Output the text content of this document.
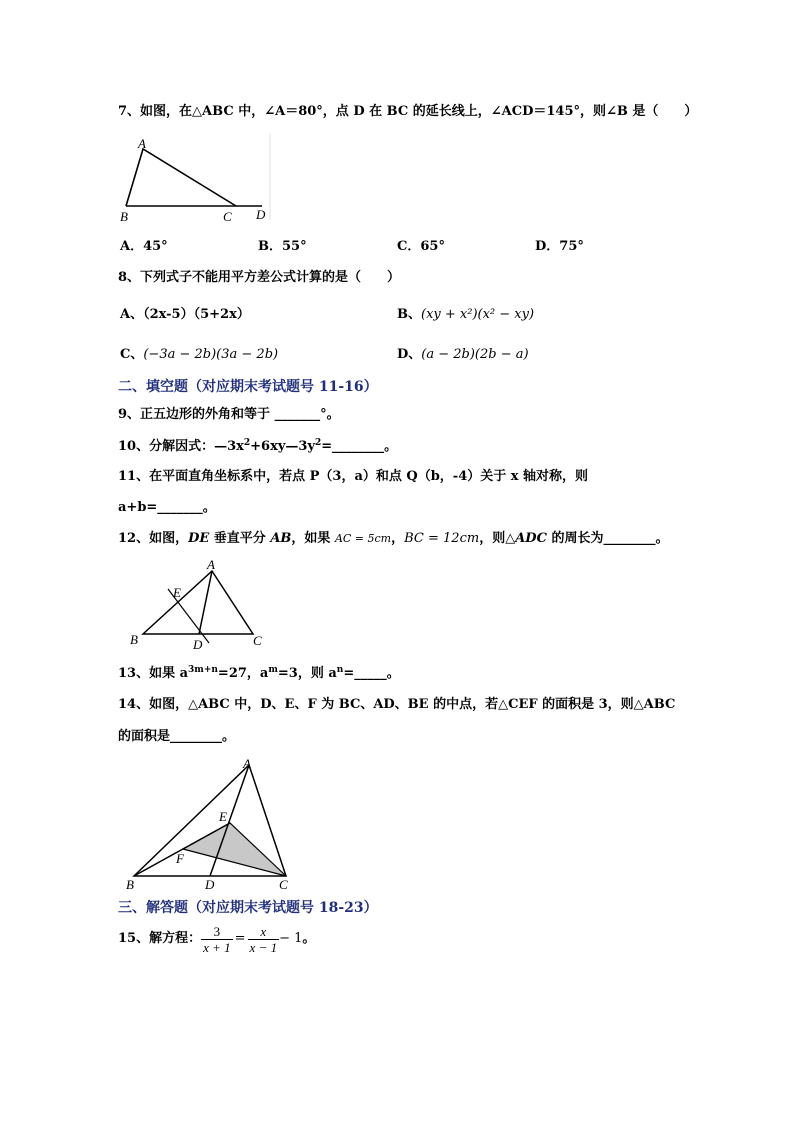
7、如图，在△ABC 中，∠A＝80°，点 D 在 BC 的延长线上，∠ACD＝145°，则∠B 是（　　）
A
B	C D
A．45°	B．55°	C．65°	D．75°
8、下列式子不能用平方差公式计算的是（　　）
A、（2x-5）（5+2x）	B、(xy + x²)(x² − xy)
C、(−3a − 2b)(3a − 2b)	D、(a − 2b)(2b − a)
二、填空题（对应期末考试题号 11-16）
9、正五边形的外角和等于 _______°。
10、分解因式：$—3x^2+6xy—3y^2=\_\_\_\_\_\_\_\_$。
11、在平面直角坐标系中，若点 P（3，a）和点 Q（b，-4）关于 x 轴对称，则
a+b=_______。
12、如图，DE 垂直平分 AB，如果 AC = 5cm，BC = 12cm，则△ADC 的周长为________。
A
B	C
D
E
13、如果 $a^{3m+n}=27$，$a^m=3$，则 $a^n=\_\_\_\_\_$。
14、如图，△ABC 中，D、E、F 为 BC、AD、BE 的中点，若△CEF 的面积是 3，则△ABC
的面积是________。
A
B	C
D
E
F
三、解答题（对应期末考试题号 18-23）
15、解方程： $\frac{3}{x + 1} = \frac{x}{x - 1} - 1$。
